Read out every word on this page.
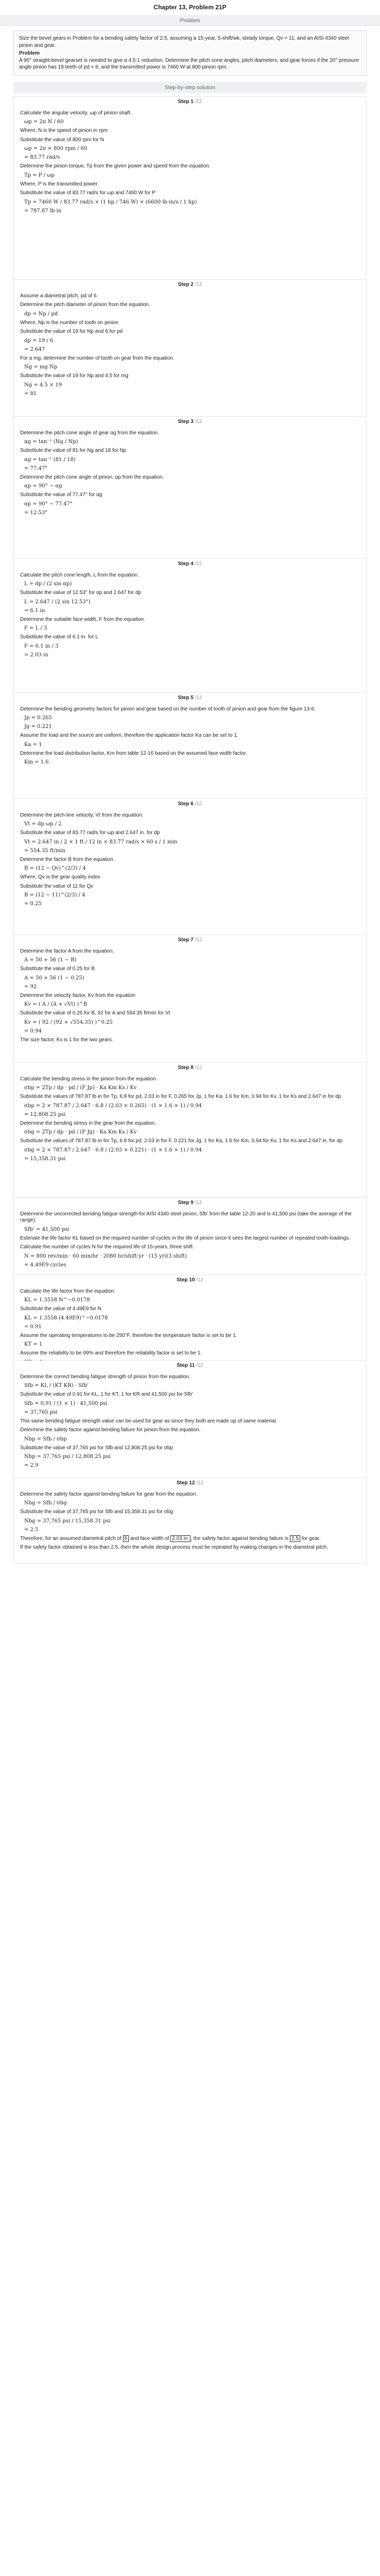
Chapter 13, Problem 21P
Problem
Size the bevel gears in Problem for a bending safety factor of 2.5, assuming a 15-year, 5-shift/wk, steady torque, Qv = 11, and an AISI 4340 steel pinion and gear.
Problem
A 90° straight-bevel gearset is needed to give a 4.5:1 reduction. Determine the pitch cone angles, pitch diameters, and gear forces if the 20° pressure angle pinion has 19 teeth of pd = 6, and the transmitted power is 7460 W at 800 pinion rpm.
Step-by-step solution
Step 1 /12

Calculate the angular velocity, ωp of pinion shaft.

ωp = 2π N / 60

Where, N is the speed of pinion in rpm

Substitute the value of 800 rpm for N

ωp = 2π × 800 rpm / 60
= 83.77 rad/s

Determine the pinion torque, Tp from the given power and speed from the equation.

Tp = P / ωp

Where, P is the transmitted power.

Substitute the value of 83.77 rad/s for ωp and 7460 W for P

Tp = 7460 W / 83.77 rad/s × (1 hp / 746 W) × (6600 lb·in/s / 1 hp)
= 787.87 lb·in
Step 2 /12

Assume a diametral pitch, pd of 6.

Determine the pitch diameter of pinion from the equation.

dp = Np / pd

Where, Np is the number of tooth on pinion

Substitute the value of 19 for Np and 6 for pd

dp = 19 / 6
= 2.647

For a mg, determine the number of tooth on gear from the equation.

Ng = mg Np

Substitute the value of 19 for Np and 4.5 for mg

Ng = 4.5 × 19
= 81
Step 3 /12

Determine the pitch cone angle of gear αg from the equation.

αg = tan⁻¹ (Ng / Np)

Substitute the value of 81 for Ng and 18 for Np

αg = tan⁻¹ (81 / 18)
= 77.47°

Determine the pitch cone angle of pinion, αp from the equation.

αp = 90° − αg

Substitute the value of 77.47° for αg

αp = 90° − 77.47°
= 12.53°
Step 4 /12

Calculate the pitch cone length, L from the equation.

L = dp / (2 sin αp)

Substitute the value of 12.53° for αp and 2.647 for dp

L = 2.647 / (2 sin 12.53°)
= 6.1 in

Determine the suitable face width, F from the equation.

F = L / 3

Substitute the value of 6.1 in. for L

F = 6.1 in / 3
= 2.03 in
Step 5 /12

Determine the bending geometry factors for pinion and gear based on the number of tooth of pinion and gear from the figure 13-6.

Jp = 0.265
Jg = 0.221

Assume the load and the source are uniform, therefore the application factor Ka can be set to 1.

Ka = 1

Determine the load distribution factor, Km from table 12-16 based on the assumed face width factor.

Km = 1.6
Step 6 /12

Determine the pitch-line velocity, Vt from the equation.

Vt = dp ωp / 2

Substitute the value of 83.77 rad/s for ωp and 2.647 in. for dp

Vt = 2.647 in / 2 × 1 ft / 12 in × 83.77 rad/s × 60 s / 1 min
= 554.35 ft/min

Determine the factor B from the equation.

B = (12 − Qv)^(2/3) / 4

Where, Qv is the gear quality index

Substitute the value of 11 for Qv

B = (12 − 11)^(2/3) / 4
= 0.25
Step 7 /12

Determine the factor A from the equation.

A = 50 + 56 (1 − B)

Substitute the value of 0.25 for B

A = 50 + 56 (1 − 0.25)
= 92

Determine the velocity factor, Kv from the equation

Kv = ( A / (A + √Vt) )^B

Substitute the value of 0.25 for B, 92 for A and 554.35 ft/min for Vt

Kv = ( 92 / (92 + √554.35) )^0.25
= 0.94

The size factor, Ks is 1 for the two gears.

Step 8 /12

Calculate the bending stress in the pinion from the equation.

σbp = 2Tp / dp · pd / (F Jp) · Ka Km Ks / Kv

Substitute the values of 787.87 lb·in for Tp, 6.8 for pd, 2.03 in for F, 0.265 for Jp, 1 for Ka, 1.6 for Km, 0.94 for Kv, 1 for Ks and 2.647 in for dp

σbp = 2 × 787.87 / 2.647 · 6.8 / (2.03 × 0.265) · (1 × 1.6 × 1) / 0.94
= 12,808.25 psi

Determine the bending stress in the gear from the equation.

σbg = 2Tp / dp · pd / (F Jg) · Ka Km Ks / Kv

Substitute the values of 787.87 lb·in for Tp, 6.8 for pd, 2.03 in for F, 0.221 for Jg, 1 for Ka, 1.6 for Km, 0.94 for Kv, 1 for Ks and 2.647 in. for dp

σbg = 2 × 787.87 / 2.647 · 6.8 / (2.03 × 0.221) · (1 × 1.6 × 1) / 0.94
= 15,358.31 psi
Step 9 /12

Determine the uncorrected bending fatigue strength for AISI 4340 steel pinion, Sfb' from the table 12-20 and is 41,500 psi (take the average of the range).

Sfb' = 41,500 psi

Estimate the life factor KL based on the required number of cycles in the life of pinion since it sees the largest number of repeated tooth-loadings.

Calculate the number of cycles N for the required life of 15-years, three shift

N = 800 rev/min · 60 min/hr · 2080 hr/shift·yr · (15 yr)(3 shift)
= 4.49E9 cycles
Step 10 /12

Calculate the life factor from the equation.

KL = 1.3558 N^−0.0178

Substitute the value of 4.49E9 for N

KL = 1.3558 (4.49E9)^−0.0178
= 0.91

Assume the operating temperatures to be 250°F, therefore the temperature factor is set to be 1.

KT = 1

Assume the reliability to be 99% and therefore the reliability factor is set to be 1.

Step 11 /12

Determine the correct bending fatigue strength of pinion from the equation.

Sfb = KL / (KT KR) · Sfb'

Substitute the value of 0.91 for KL, 1 for KT, 1 for KR and 41,500 psi for Sfb'

Sfb = 0.91 / (1 × 1) · 41,500 psi
= 37,765 psi

This same bending fatigue strength value can be used for gear as since they both are made up of same material.

Determine the safety factor against bending failure for pinion from the equation.

Nbp = Sfb / σbp

Substitute the value of 37,765 psi for Sfb and 12,808.25 psi for σbp

Nbp = 37,765 psi / 12,808.25 psi
= 2.9
Step 12 /12

Determine the safety factor against bending failure for gear from the equation.

Nbg = Sfb / σbg

Substitute the value of 37,765 psi for Sfb and 15,358.31 psi for σbg

Nbg = 37,765 psi / 15,358.31 psi
= 2.5

Therefore, for an assumed diametral pitch of 6 and face width of 2.03 in. , the safety factor against bending failure is 2.5 for gear.

If the safety factor obtained is less than 2.5, then the whole design process must be repeated by making changes in the diametral pitch.
